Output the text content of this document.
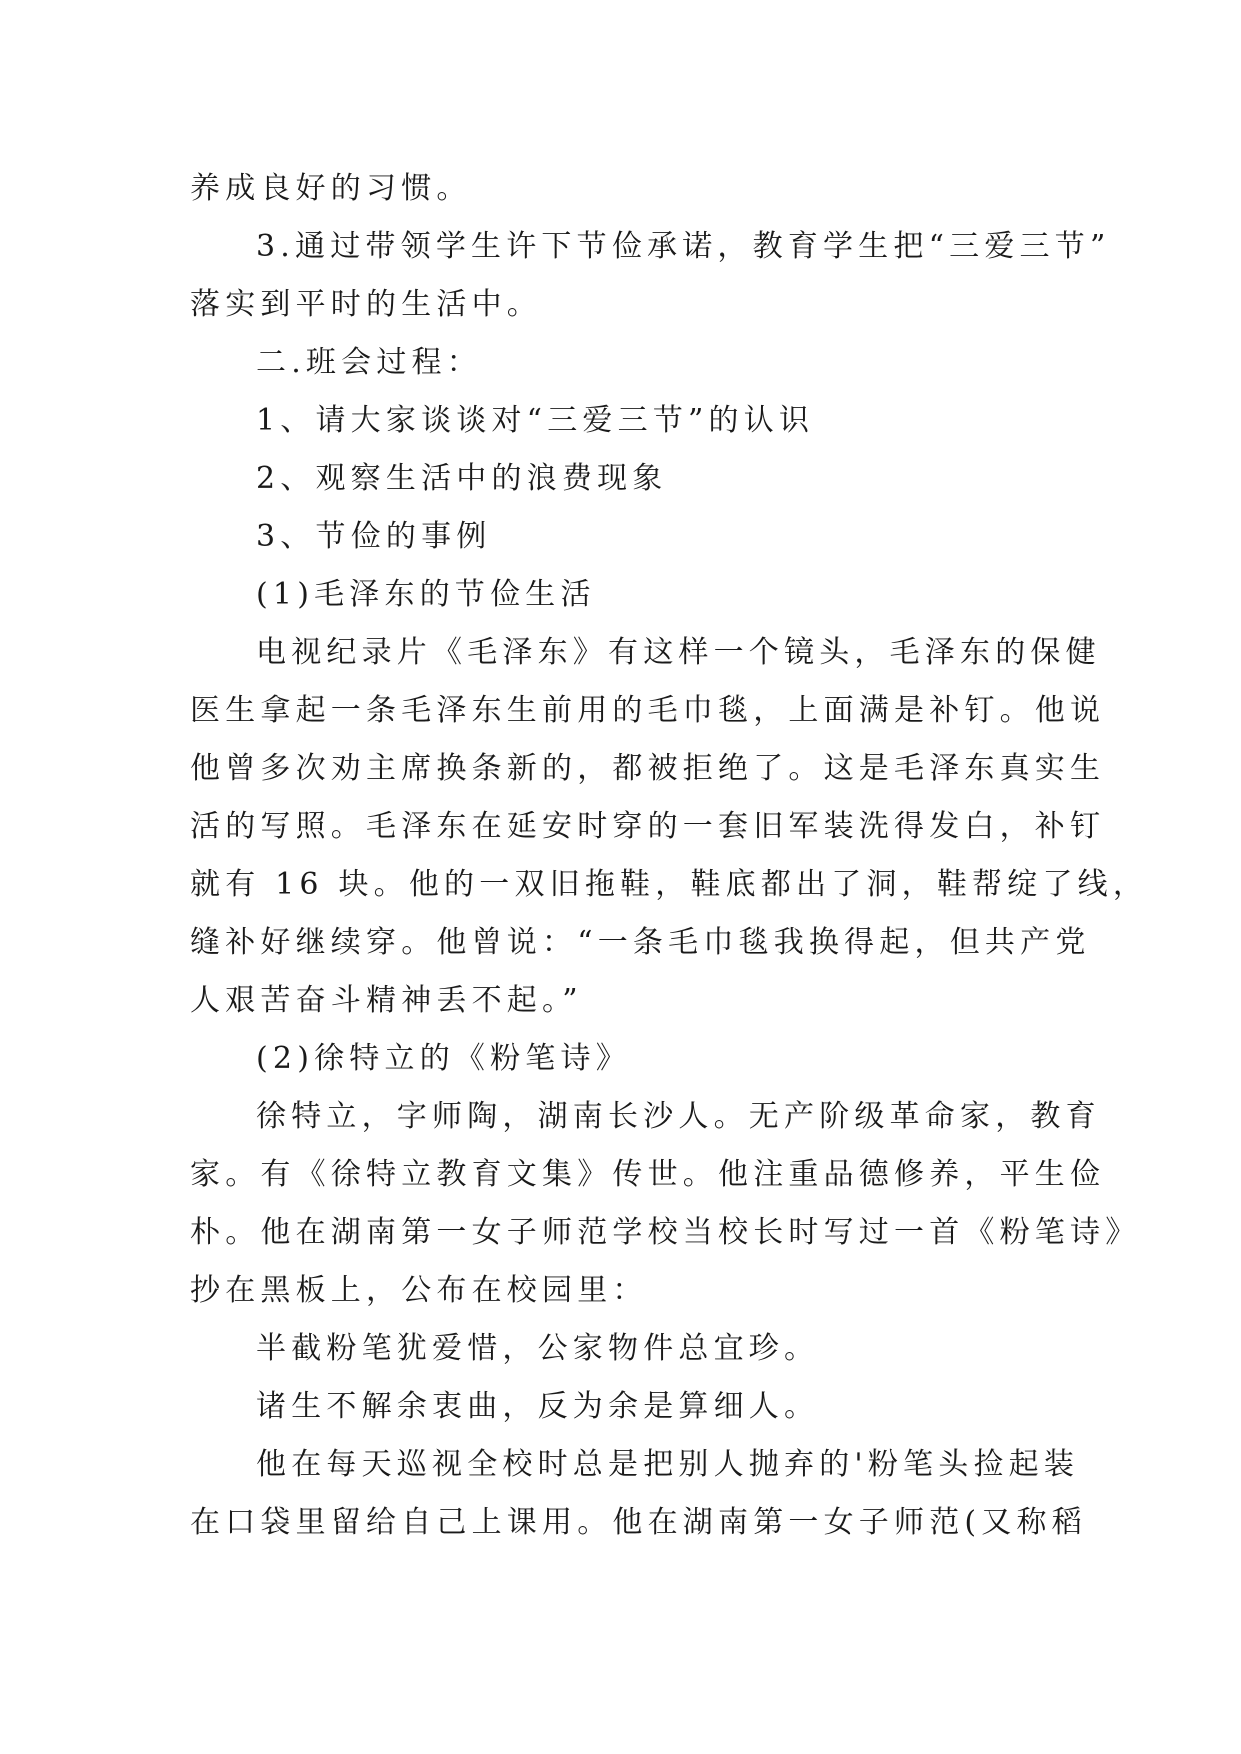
养成良好的习惯。
3.通过带领学生许下节俭承诺，教育学生把“三爱三节”
落实到平时的生活中。
二.班会过程：
1、请大家谈谈对“三爱三节”的认识
2、观察生活中的浪费现象
3、节俭的事例
(1)毛泽东的节俭生活
电视纪录片《毛泽东》有这样一个镜头，毛泽东的保健
医生拿起一条毛泽东生前用的毛巾毯，上面满是补钉。他说
他曾多次劝主席换条新的，都被拒绝了。这是毛泽东真实生
活的写照。毛泽东在延安时穿的一套旧军装洗得发白，补钉
就有 16 块。他的一双旧拖鞋，鞋底都出了洞，鞋帮绽了线，
缝补好继续穿。他曾说：“一条毛巾毯我换得起，但共产党
人艰苦奋斗精神丢不起。”
(2)徐特立的《粉笔诗》
徐特立，字师陶，湖南长沙人。无产阶级革命家，教育
家。有《徐特立教育文集》传世。他注重品德修养，平生俭
朴。他在湖南第一女子师范学校当校长时写过一首《粉笔诗》
抄在黑板上，公布在校园里：
半截粉笔犹爱惜，公家物件总宜珍。
诸生不解余衷曲，反为余是算细人。
他在每天巡视全校时总是把别人抛弃的'粉笔头捡起装
在口袋里留给自己上课用。他在湖南第一女子师范(又称稻
